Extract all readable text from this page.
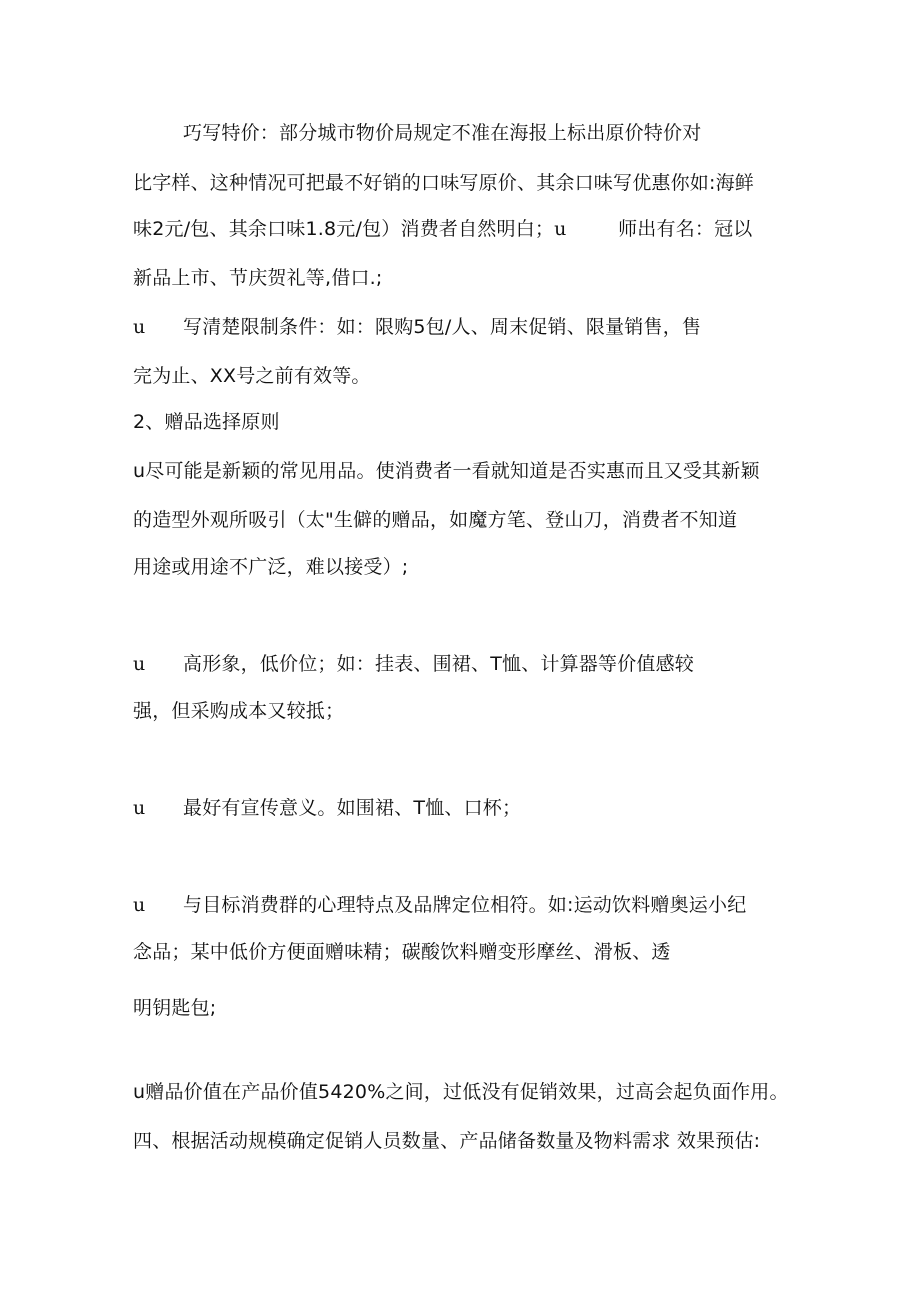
巧写特价：部分城市物价局规定不准在海报上标出原价特价对
比字样、这种情况可把最不好销的口味写原价、其余口味写优惠你如:海鲜
味2元/包、其余口味1.8元/包）消费者自然明白；u	师出有名：冠以
新品上市、节庆贺礼等,借口.;
u 写清楚限制条件：如：限购5包/人、周末促销、限量销售，售
完为止、XX号之前有效等。
2、赠品选择原则
u尽可能是新颖的常见用品。使消费者一看就知道是否实惠而且又受其新颖
的造型外观所吸引（太"生僻的赠品，如魔方笔、登山刀，消费者不知道
用途或用途不广泛，难以接受）;
u 高形象，低价位；如：挂表、围裙、T恤、计算器等价值感较
强，但采购成本又较抵；
u 最好有宣传意义。如围裙、T恤、口杯；
u 与目标消费群的心理特点及品牌定位相符。如:运动饮料赠奥运小纪
念品；某中低价方便面赠味精；碳酸饮料赠变形摩丝、滑板、透
明钥匙包;
u赠品价值在产品价值5420%之间，过低没有促销效果，过高会起负面作用。
四、根据活动规模确定促销人员数量、产品储备数量及物料需求 效果预估:
